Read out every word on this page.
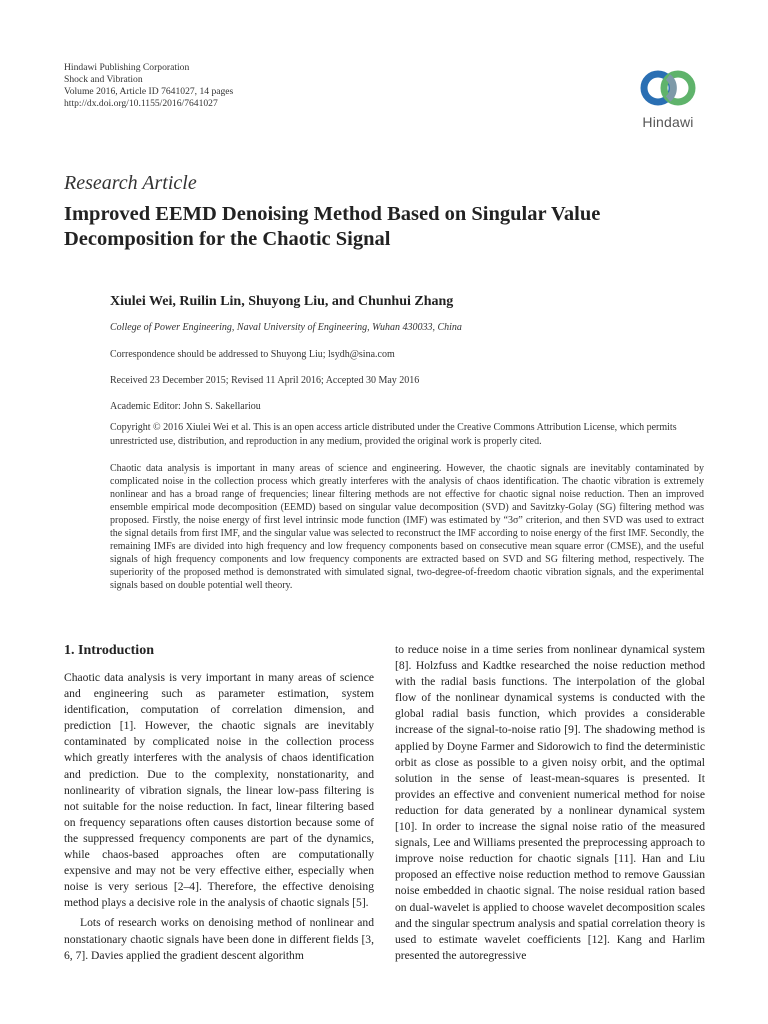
Hindawi Publishing Corporation
Shock and Vibration
Volume 2016, Article ID 7641027, 14 pages
http://dx.doi.org/10.1155/2016/7641027
Hindawi
Research Article
Improved EEMD Denoising Method Based on Singular Value Decomposition for the Chaotic Signal
Xiulei Wei, Ruilin Lin, Shuyong Liu, and Chunhui Zhang
College of Power Engineering, Naval University of Engineering, Wuhan 430033, China
Correspondence should be addressed to Shuyong Liu; lsydh@sina.com
Received 23 December 2015; Revised 11 April 2016; Accepted 30 May 2016
Academic Editor: John S. Sakellariou
Copyright © 2016 Xiulei Wei et al. This is an open access article distributed under the Creative Commons Attribution License, which permits unrestricted use, distribution, and reproduction in any medium, provided the original work is properly cited.
Chaotic data analysis is important in many areas of science and engineering. However, the chaotic signals are inevitably contaminated by complicated noise in the collection process which greatly interferes with the analysis of chaos identification. The chaotic vibration is extremely nonlinear and has a broad range of frequencies; linear filtering methods are not effective for chaotic signal noise reduction. Then an improved ensemble empirical mode decomposition (EEMD) based on singular value decomposition (SVD) and Savitzky-Golay (SG) filtering method was proposed. Firstly, the noise energy of first level intrinsic mode function (IMF) was estimated by “3σ” criterion, and then SVD was used to extract the signal details from first IMF, and the singular value was selected to reconstruct the IMF according to noise energy of the first IMF. Secondly, the remaining IMFs are divided into high frequency and low frequency components based on consecutive mean square error (CMSE), and the useful signals of high frequency components and low frequency components are extracted based on SVD and SG filtering method, respectively. The superiority of the proposed method is demonstrated with simulated signal, two-degree-of-freedom chaotic vibration signals, and the experimental signals based on double potential well theory.
1. Introduction

Chaotic data analysis is very important in many areas of science and engineering such as parameter estimation, system identification, computation of correlation dimension, and prediction [1]. However, the chaotic signals are inevitably contaminated by complicated noise in the collection process which greatly interferes with the analysis of chaos identification and prediction. Due to the complexity, nonstationarity, and nonlinearity of vibration signals, the linear low-pass filtering is not suitable for the noise reduction. In fact, linear filtering based on frequency separations often causes distortion because some of the suppressed frequency components are part of the dynamics, while chaos-based approaches often are computationally expensive and may not be very effective either, especially when noise is very serious [2–4]. Therefore, the effective denoising method plays a decisive role in the analysis of chaotic signals [5].

Lots of research works on denoising method of nonlinear and nonstationary chaotic signals have been done in different fields [3, 6, 7]. Davies applied the gradient descent algorithm

to reduce noise in a time series from nonlinear dynamical system [8]. Holzfuss and Kadtke researched the noise reduction method with the radial basis functions. The interpolation of the global flow of the nonlinear dynamical systems is conducted with the global radial basis function, which provides a considerable increase of the signal-to-noise ratio [9]. The shadowing method is applied by Doyne Farmer and Sidorowich to find the deterministic orbit as close as possible to a given noisy orbit, and the optimal solution in the sense of least-mean-squares is presented. It provides an effective and convenient numerical method for noise reduction for data generated by a nonlinear dynamical system [10]. In order to increase the signal noise ratio of the measured signals, Lee and Williams presented the preprocessing approach to improve noise reduction for chaotic signals [11]. Han and Liu proposed an effective noise reduction method to remove Gaussian noise embedded in chaotic signal. The noise residual ration based on dual-wavelet is applied to choose wavelet decomposition scales and the singular spectrum analysis and spatial correlation theory is used to estimate wavelet coefficients [12]. Kang and Harlim presented the autoregressive
